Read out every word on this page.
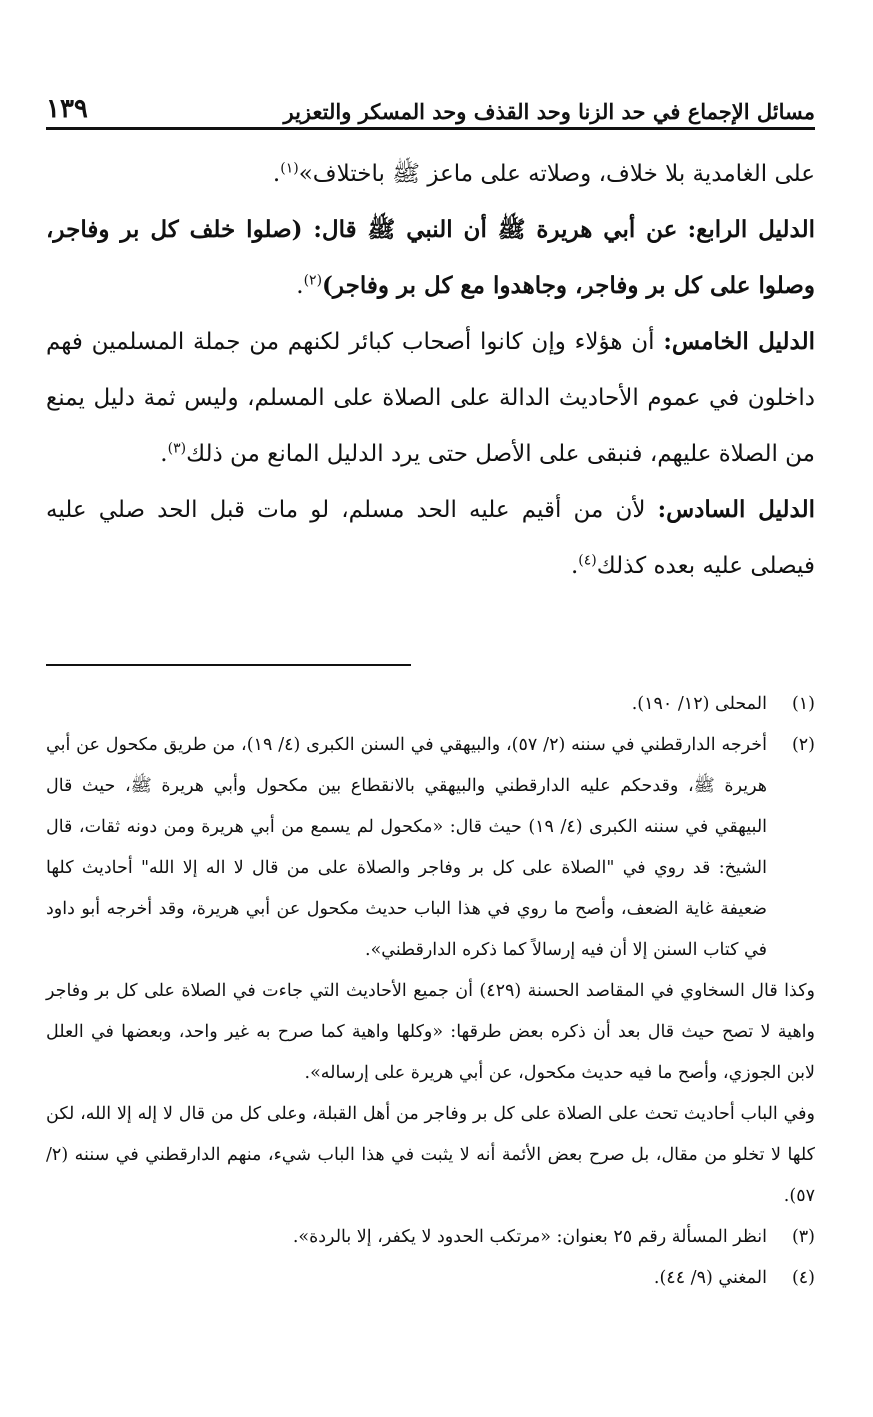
مسائل الإجماع في حد الزنا وحد القذف وحد المسكر والتعزير
١٣٩

على الغامدية بلا خلاف، وصلاته على ماعز ﷺ باختلاف»$^{(١)}$.

الدليل الرابع: عن أبي هريرة ﷺ أن النبي ﷺ قال: (صلوا خلف كل بر وفاجر، وصلوا على كل بر وفاجر، وجاهدوا مع كل بر وفاجر)$^{(٢)}$.

الدليل الخامس: أن هؤلاء وإن كانوا أصحاب كبائر لكنهم من جملة المسلمين فهم داخلون في عموم الأحاديث الدالة على الصلاة على المسلم، وليس ثمة دليل يمنع من الصلاة عليهم، فنبقى على الأصل حتى يرد الدليل المانع من ذلك$^{(٣)}$.

الدليل السادس: لأن من أقيم عليه الحد مسلم، لو مات قبل الحد صلي عليه فيصلى عليه بعده كذلك$^{(٤)}$.

(١)
المحلى (١٢/ ١٩٠).
(٢)
أخرجه الدارقطني في سننه (٢/ ٥٧)، والبيهقي في السنن الكبرى (٤/ ١٩)، من طريق مكحول عن أبي هريرة ﷺ، وقدحكم عليه الدارقطني والبيهقي بالانقطاع بين مكحول وأبي هريرة ﷺ، حيث قال البيهقي في سننه الكبرى (٤/ ١٩) حيث قال: «مكحول لم يسمع من أبي هريرة ومن دونه ثقات، قال الشيخ: قد روي في "الصلاة على كل بر وفاجر والصلاة على من قال لا اله إلا الله" أحاديث كلها ضعيفة غاية الضعف، وأصح ما روي في هذا الباب حديث مكحول عن أبي هريرة، وقد أخرجه أبو داود في كتاب السنن إلا أن فيه إرسالاً كما ذكره الدارقطني».
وكذا قال السخاوي في المقاصد الحسنة (٤٢٩) أن جميع الأحاديث التي جاءت في الصلاة على كل بر وفاجر واهية لا تصح حيث قال بعد أن ذكره بعض طرقها: «وكلها واهية كما صرح به غير واحد، وبعضها في العلل لابن الجوزي، وأصح ما فيه حديث مكحول، عن أبي هريرة على إرساله».
وفي الباب أحاديث تحث على الصلاة على كل بر وفاجر من أهل القبلة، وعلى كل من قال لا إله إلا الله، لكن كلها لا تخلو من مقال، بل صرح بعض الأئمة أنه لا يثبت في هذا الباب شيء، منهم الدارقطني في سننه (٢/ ٥٧).
(٣)
انظر المسألة رقم ٢٥ بعنوان: «مرتكب الحدود لا يكفر، إلا بالردة».
(٤)
المغني (٩/ ٤٤).
